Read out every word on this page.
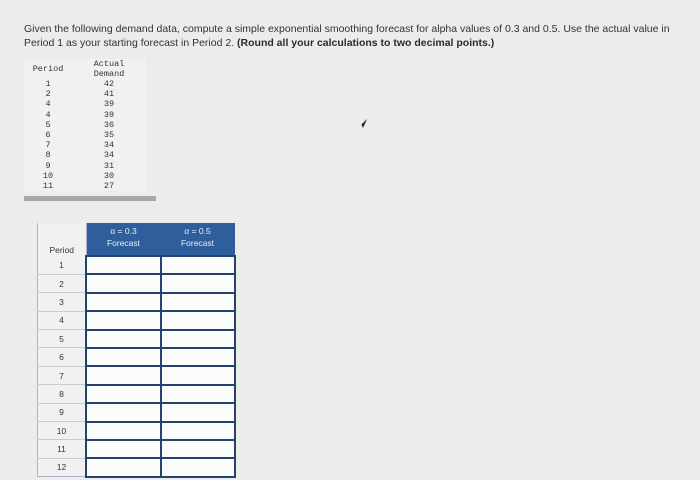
Given the following demand data, compute a simple exponential smoothing forecast for alpha values of 0.3 and 0.5. Use the actual value in Period 1 as your starting forecast in Period 2. (Round all your calculations to two decimal points.)
Period	Actual Demand
1	42
2	41
4	39
4	39
5	36
6	35
7	34
8	34
9	31
10	30
11	27
	α = 0.3	α = 0.5
Period	Forecast	Forecast
1		
2		
3		
4		
5		
6		
7		
8		
9		
10		
11		
12		
